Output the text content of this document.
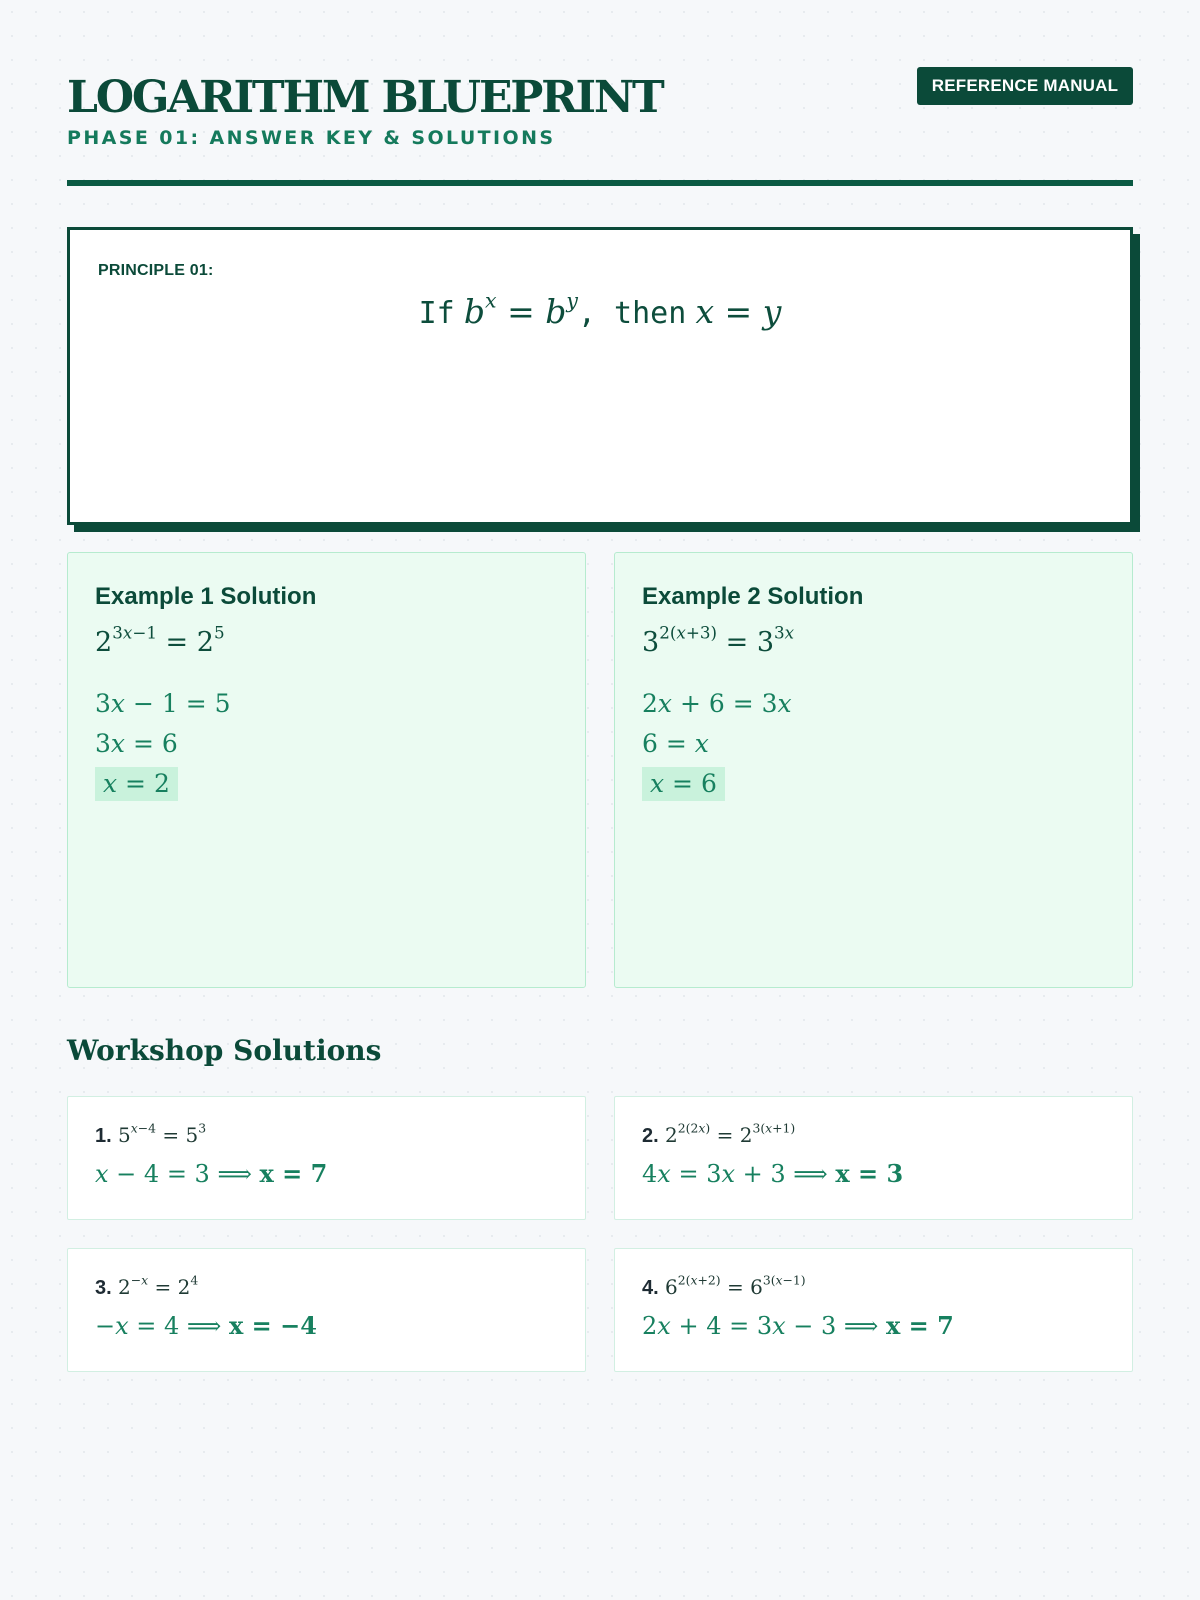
LOGARITHM BLUEPRINT
PHASE 01: ANSWER KEY & SOLUTIONS
REFERENCE MANUAL
PRINCIPLE 01:
If $b^x = b^y$, then x = y
Example 1 Solution
$2^{3x-1} = 2^5$
3x − 1 = 5
3x = 6
x = 2
Example 2 Solution
$3^{2(x+3)} = 3^{3x}$
2x + 6 = 3x
6 = x
x = 6
Workshop Solutions
1. $5^{x-4} = 5^3$
x − 4 = 3 ⟹ x = 7
2. $2^{2(2x)} = 2^{3(x+1)}$
4x = 3x + 3 ⟹ x = 3
3. $2^{-x} = 2^4$
−x = 4 ⟹ x = −4
4. $6^{2(x+2)} = 6^{3(x-1)}$
2x + 4 = 3x − 3 ⟹ x = 7
